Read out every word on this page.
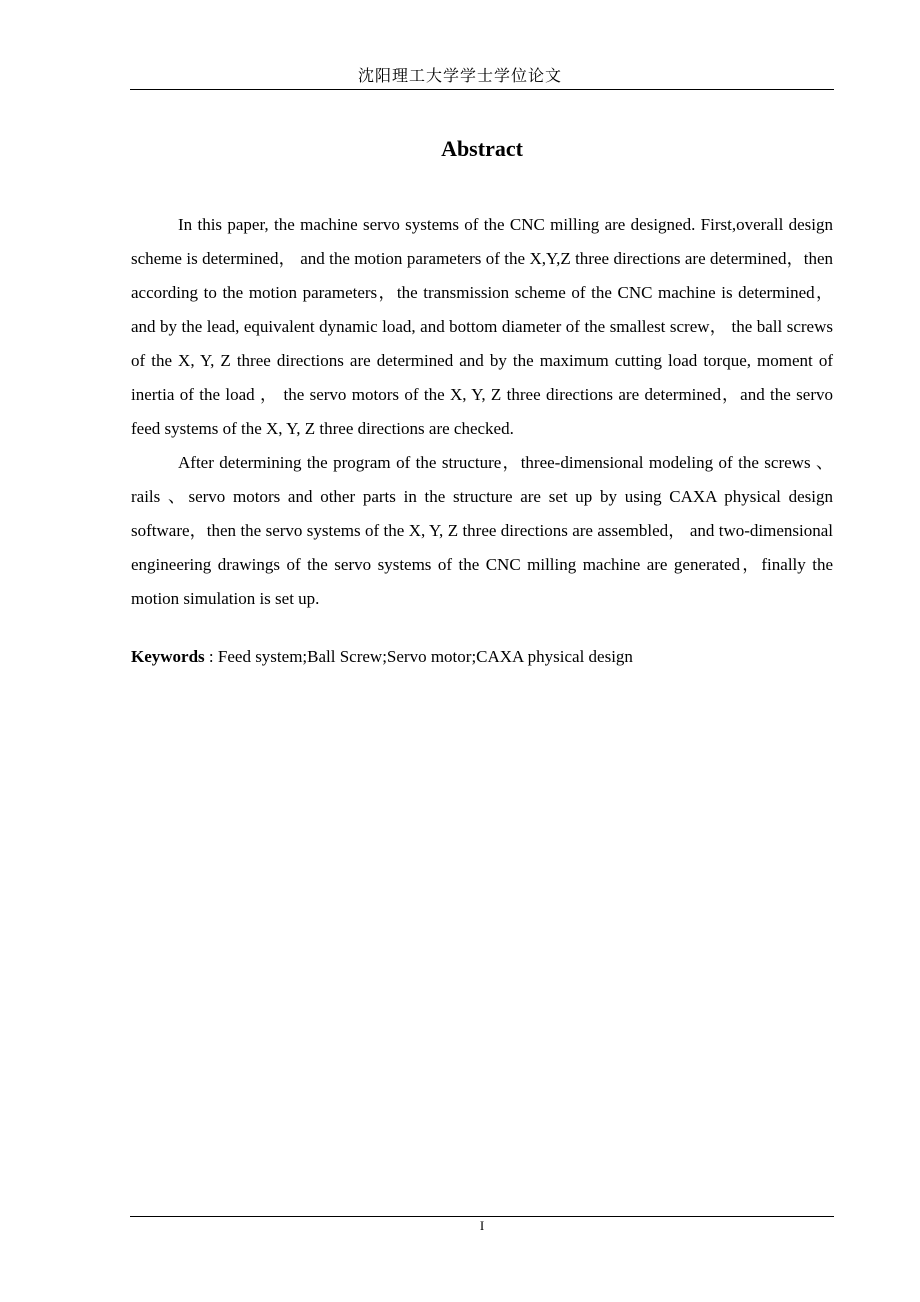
沈阳理工大学学士学位论文
Abstract

In this paper, the machine servo systems of the CNC milling are designed. First,overall design scheme is determined， and the motion parameters of the X,Y,Z three directions are determined，then according to the motion parameters，the transmission scheme of the CNC machine is determined，and by the lead, equivalent dynamic load, and bottom diameter of the smallest screw， the ball screws of the X, Y, Z three directions are determined and by the maximum cutting load torque, moment of inertia of the load ， the servo motors of the X, Y, Z three directions are determined，and the servo feed systems of the X, Y, Z three directions are checked.

After determining the program of the structure，three-dimensional modeling of the screws 、rails 、servo motors and other parts in the structure are set up by using CAXA physical design software，then the servo systems of the X, Y, Z three directions are assembled， and two-dimensional engineering drawings of the servo systems of the CNC milling machine are generated，finally the motion simulation is set up.

Keywords : Feed system;Ball Screw;Servo motor;CAXA physical design

I
